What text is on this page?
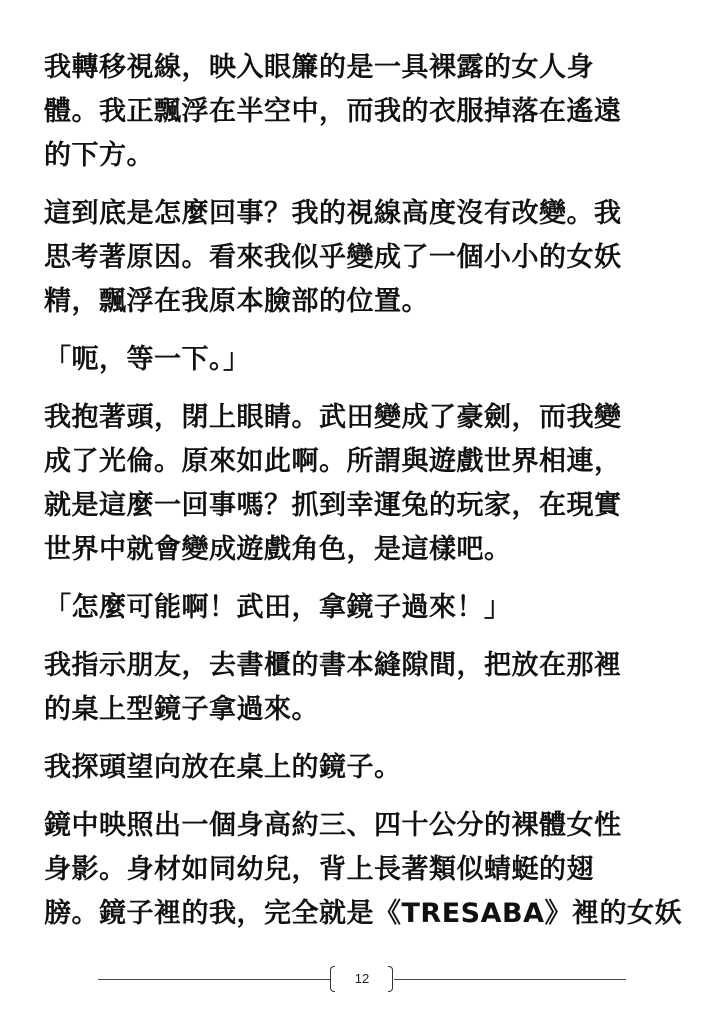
我轉移視線，映入眼簾的是一具裸露的女人身
體。我正飄浮在半空中，而我的衣服掉落在遙遠
的下方。

這到底是怎麼回事？我的視線高度沒有改變。我
思考著原因。看來我似乎變成了一個小小的女妖
精，飄浮在我原本臉部的位置。

「呃，等一下。」

我抱著頭，閉上眼睛。武田變成了豪劍，而我變
成了光倫。原來如此啊。所謂與遊戲世界相連，
就是這麼一回事嗎？抓到幸運兔的玩家，在現實
世界中就會變成遊戲角色，是這樣吧。

「怎麼可能啊！武田，拿鏡子過來！」

我指示朋友，去書櫃的書本縫隙間，把放在那裡
的桌上型鏡子拿過來。

我探頭望向放在桌上的鏡子。

鏡中映照出一個身高約三、四十公分的裸體女性
身影。身材如同幼兒，背上長著類似蜻蜓的翅
膀。鏡子裡的我，完全就是《TRESABA》裡的女妖

12
